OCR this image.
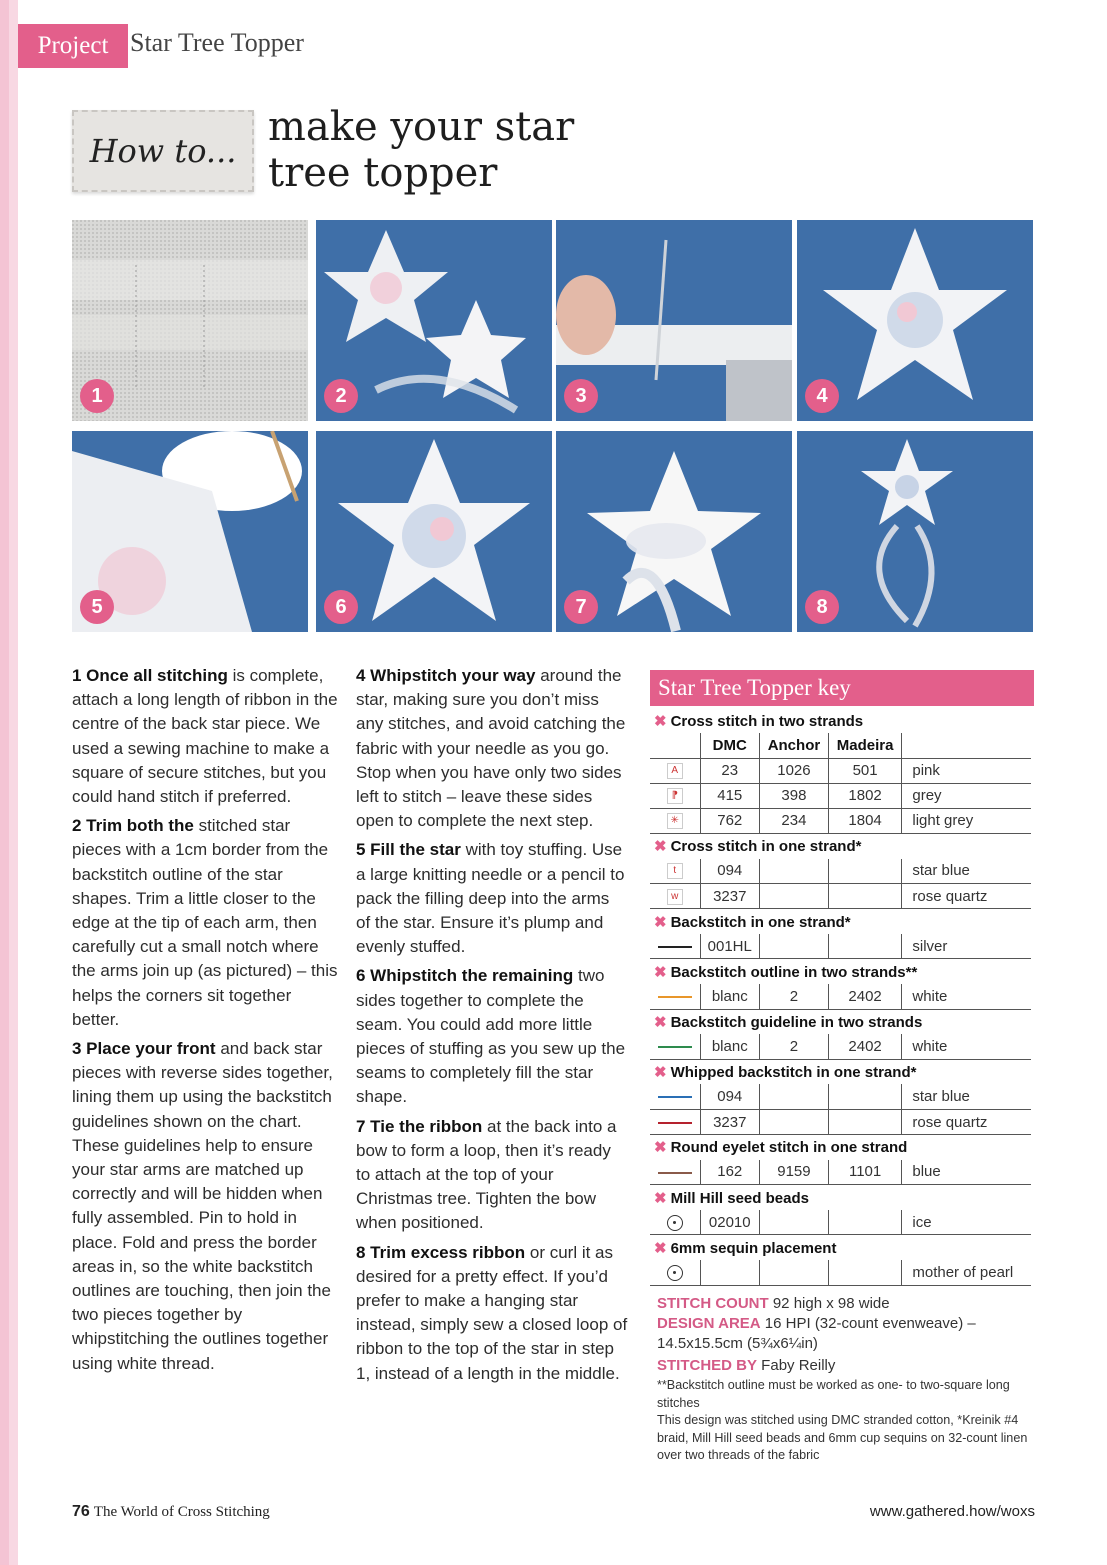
Project Star Tree Topper
How to...
make your star
tree topper
1	2	3	4
5	6	7	8

1 Once all stitching is complete, attach a long length of ribbon in the centre of the back star piece. We used a sewing machine to make a square of secure stitches, but you could hand stitch if preferred.

2 Trim both the stitched star pieces with a 1cm border from the backstitch outline of the star shapes. Trim a little closer to the edge at the tip of each arm, then carefully cut a small notch where the arms join up (as pictured) – this helps the corners sit together better.

3 Place your front and back star pieces with reverse sides together, lining them up using the backstitch guidelines shown on the chart. These guidelines help to ensure your star arms are matched up correctly and will be hidden when fully assembled. Pin to hold in place. Fold and press the border areas in, so the white backstitch outlines are touching, then join the two pieces together by whipstitching the outlines together using white thread.

4 Whipstitch your way around the star, making sure you don’t miss any stitches, and avoid catching the fabric with your needle as you go. Stop when you have only two sides left to stitch – leave these sides open to complete the next step.

5 Fill the star with toy stuffing. Use a large knitting needle or a pencil to pack the filling deep into the arms of the star. Ensure it’s plump and evenly stuffed.

6 Whipstitch the remaining two sides together to complete the seam. You could add more little pieces of stuffing as you sew up the seams to completely fill the star shape.

7 Tie the ribbon at the back into a bow to form a loop, then it’s ready to attach at the top of your Christmas tree. Tighten the bow when positioned.

8 Trim excess ribbon or curl it as desired for a pretty effect. If you’d prefer to make a hanging star instead, simply sew a closed loop of ribbon to the top of the star in step 1, instead of a length in the middle.

Star Tree Topper key
✖ Cross stitch in two strands				
	DMC	Anchor	Madeira	
A	23	1026	501	pink
⁋	415	398	1802	grey
✳	762	234	1804	light grey
✖ Cross stitch in one strand*				
t	094			star blue
w	3237			rose quartz
✖ Backstitch in one strand*				
	001HL			silver
✖ Backstitch outline in two strands**				
	blanc	2	2402	white
✖ Backstitch guideline in two strands				
	blanc	2	2402	white
✖ Whipped backstitch in one strand*				
	094			star blue
	3237			rose quartz
✖ Round eyelet stitch in one strand				
	162	9159	1101	blue
✖ Mill Hill seed beads				
	02010			ice
✖ 6mm sequin placement				
				mother of pearl
STITCH COUNT 92 high x 98 wide
DESIGN AREA 16 HPI (32-count evenweave) – 14.5x15.5cm (5¾x6¼in)
STITCHED BY Faby Reilly
**Backstitch outline must be worked as one- to two-square long stitches
This design was stitched using DMC stranded cotton, *Kreinik #4 braid, Mill Hill seed beads and 6mm cup sequins on 32-count linen over two threads of the fabric
76 The World of Cross Stitching	www.gathered.how/woxs
